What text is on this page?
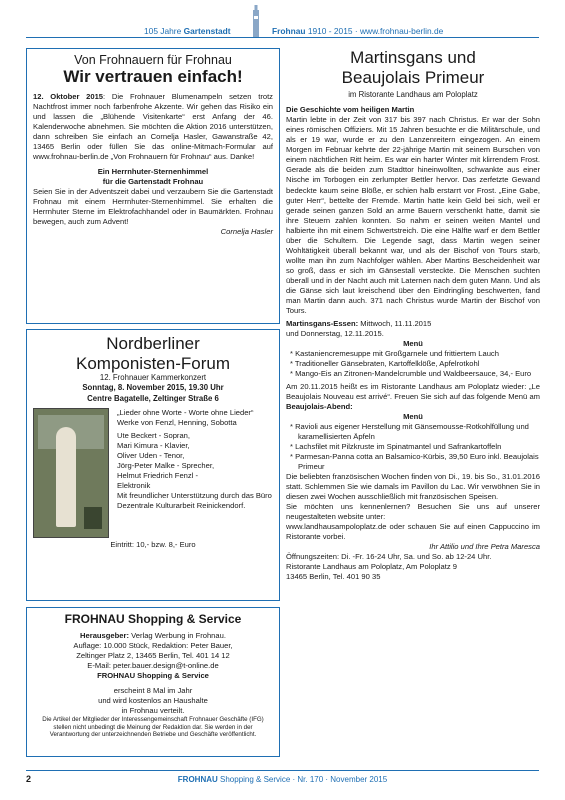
105 Jahre Gartenstadt	Frohnau 1910 - 2015 · www.frohnau-berlin.de
Von Frohnauern für Frohnau
Wir vertrauen einfach!

12. Oktober 2015: Die Frohnauer Blumenampeln setzen trotz Nachtfrost immer noch farbenfrohe Akzente. Wir gehen das Risiko ein und lassen die „Blühende Visitenkarte“ erst Anfang der 46. Kalenderwoche abnehmen. Sie möchten die Aktion 2016 unterstützen, dann schreiben Sie einfach an Cornelja Hasler, Gawanstraße 42, 13465 Berlin oder füllen Sie das online-Mitmach-Formular auf www.frohnau-berlin.de „Von Frohnauern für Frohnau“ aus. Danke!

Ein Herrnhuter-Sternenhimmel
für die Gartenstadt Frohnau

Seien Sie in der Adventszeit dabei und verzaubern Sie die Gartenstadt Frohnau mit einem Herrnhuter-Sternenhimmel. Sie erhalten die Herrnhuter Sterne im Elektrofachhandel oder in Baumärkten. Frohnau bewegen, auch zum Advent!

Cornelja Hasler
Nordberliner
Komponisten-Forum
12. Frohnauer Kammerkonzert
Sonntag, 8. November 2015, 19.30 Uhr
Centre Bagatelle, Zeltinger Straße 6

„Lieder ohne Worte - Worte ohne Lieder“ Werke von Fenzl, Henning, Sobotta

Ute Beckert - Sopran,
Mari Kimura - Klavier,
Oliver Uden - Tenor,
Jörg-Peter Malke - Sprecher,
Helmut Friedrich Fenzl -
Elektronik

Mit freundlicher Unterstützung durch das Büro Dezentrale Kulturarbeit Reinickendorf.

Eintritt: 10,- bzw. 8,- Euro
FROHNAU Shopping & Service
Herausgeber: Verlag Werbung in Frohnau.
Auflage: 10.000 Stück, Redaktion: Peter Bauer,
Zeltinger Platz 2, 13465 Berlin, Tel. 401 14 12
E-Mail: peter.bauer.design@t-online.de
FROHNAU Shopping & Service
erscheint 8 Mal im Jahr
und wird kostenlos an Haushalte
in Frohnau verteilt.
Die Artikel der Mitglieder der Interessengemeinschaft Frohnauer Geschäfte (IFG) stellen nicht unbedingt die Meinung der Redaktion dar. Sie werden in der Verantwortung der unterzeichnenden Betriebe und Geschäfte veröffentlicht.
Martinsgans und
Beaujolais Primeur
im Ristorante Landhaus am Poloplatz
Die Geschichte vom heiligen Martin

Martin lebte in der Zeit von 317 bis 397 nach Christus. Er war der Sohn eines römischen Offiziers. Mit 15 Jahren besuchte er die Militärschule, und als er 19 war, wurde er zu den Lanzenreitern eingezogen. An einem Morgen im Februar kehrte der 22-jährige Martin mit seinem Burschen von einem nächtlichen Ritt heim. Es war ein harter Winter mit klirrendem Frost. Gerade als die beiden zum Stadttor hineinwollten, schwankte aus einer Nische im Torbogen ein zerlumpter Bettler hervor. Das zerfetzte Gewand bedeckte kaum seine Blöße, er schien halb erstarrt vor Frost. „Eine Gabe, guter Herr“, bettelte der Fremde. Martin hatte kein Geld bei sich, weil er gerade seinen ganzen Sold an arme Bauern verschenkt hatte, damit sie ihre Steuern zahlen konnten. So nahm er seinen weiten Mantel und halbierte ihn mit einem Schwertstreich. Die eine Hälfte warf er dem Bettler über die Schultern. Die Legende sagt, dass Martin wegen seiner Wohltätigkeit überall bekannt war, und als der Bischof von Tours starb, wollte man ihn zum Nachfolger wählen. Aber Martins Bescheidenheit war so groß, dass er sich im Gänsestall versteckte. Die Menschen suchten überall und in der Nacht auch mit Laternen nach dem guten Mann. Und als die Gänse sich laut kreischend über den Eindringling beschwerten, fand man Martin dann auch. 371 nach Christus wurde Martin der Bischof von Tours.

Martinsgans-Essen: Mittwoch, 11.11.2015
und Donnerstag, 12.11.2015.
Menü
* Kastaniencremesuppe mit Großgarnele und frittiertem Lauch
* Traditioneller Gänsebraten, Kartoffelklöße, Apfelrotkohl
* Mango-Eis an Zitronen-Mandelcrumble und Waldbeersauce, 34,- Euro

Am 20.11.2015 heißt es im Ristorante Landhaus am Poloplatz wieder: „Le Beaujolais Nouveau est arrivé“. Freuen Sie sich auf das folgende Menü am Beaujolais-Abend:

Menü
* Ravioli aus eigener Herstellung mit Gänsemousse-Rotkohlfüllung und karamellisierten Äpfeln
* Lachsfilet mit Pilzkruste im Spinatmantel und Safrankartoffeln
* Parmesan-Panna cotta an Balsamico-Kürbis, 39,50 Euro inkl. Beaujolais Primeur

Die beliebten französischen Wochen finden von Di., 19. bis So., 31.01.2016 statt. Schlemmen Sie wie damals im Pavillon du Lac. Wir verwöhnen Sie in diesen zwei Wochen ausschließlich mit französischen Speisen.

Sie möchten uns kennenlernen? Besuchen Sie uns auf unserer neugestalteten website unter:

www.landhausampoloplatz.de oder schauen Sie auf einen Cappuccino im Ristorante vorbei.

Ihr Attilio und Ihre Petra Maresca
Öffnungszeiten: Di. -Fr. 16-24 Uhr, Sa. und So. ab 12-24 Uhr.
Ristorante Landhaus am Poloplatz, Am Poloplatz 9
13465 Berlin, Tel. 401 90 35
2	FROHNAU Shopping & Service · Nr. 170 · November 2015
